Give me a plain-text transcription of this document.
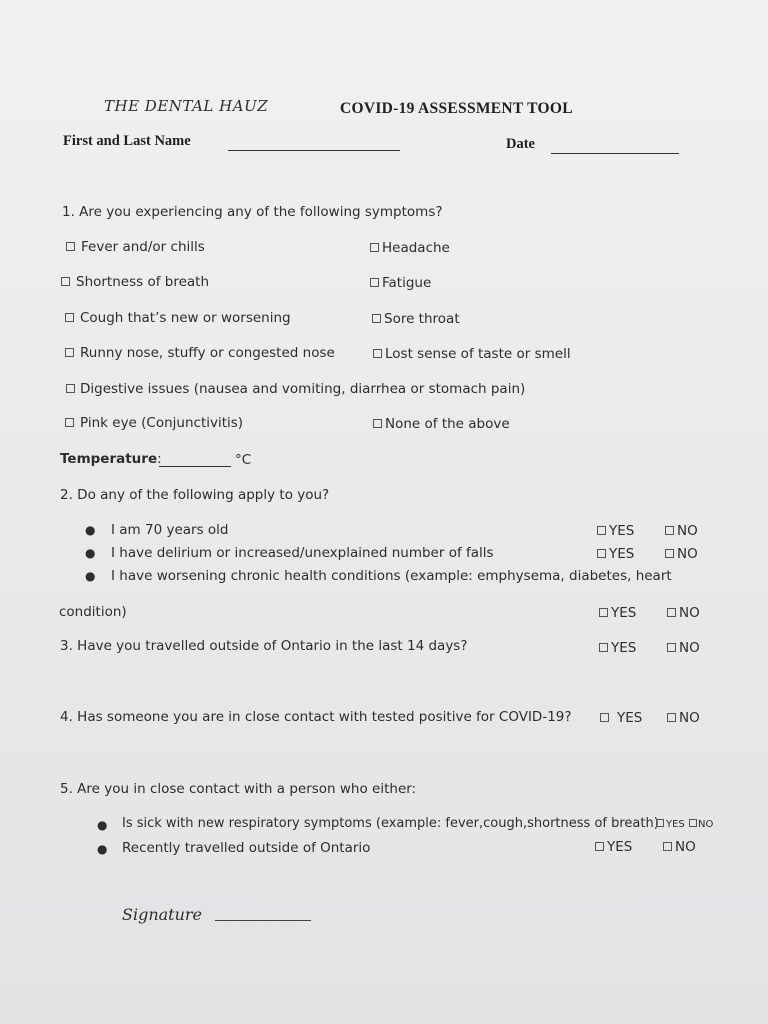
THE DENTAL HAUZ	COVID-19 ASSESSMENT TOOL
First and Last Name	Date
1. Are you experiencing any of the following symptoms?
Fever and/or chills	Headache
Shortness of breath	Fatigue
Cough that’s new or worsening	Sore throat
Runny nose, stuffy or congested nose	Lost sense of taste or smell
Digestive issues (nausea and vomiting, diarrhea or stomach pain)
Pink eye (Conjunctivitis)	None of the above
Temperature:	°C
2. Do any of the following apply to you?
● I am 70 years old	YES	NO
● I have delirium or increased/unexplained number of falls	YES	NO
● I have worsening chronic health conditions (example: emphysema, diabetes, heart
condition)	YES	NO
3. Have you travelled outside of Ontario in the last 14 days?	YES	NO
4. Has someone you are in close contact with tested positive for COVID-19?	YES	NO
5. Are you in close contact with a person who either:
● Is sick with new respiratory symptoms (example: fever,cough,shortness of breath) YES	NO
● Recently travelled outside of Ontario	YES	NO
Signature ___________________
